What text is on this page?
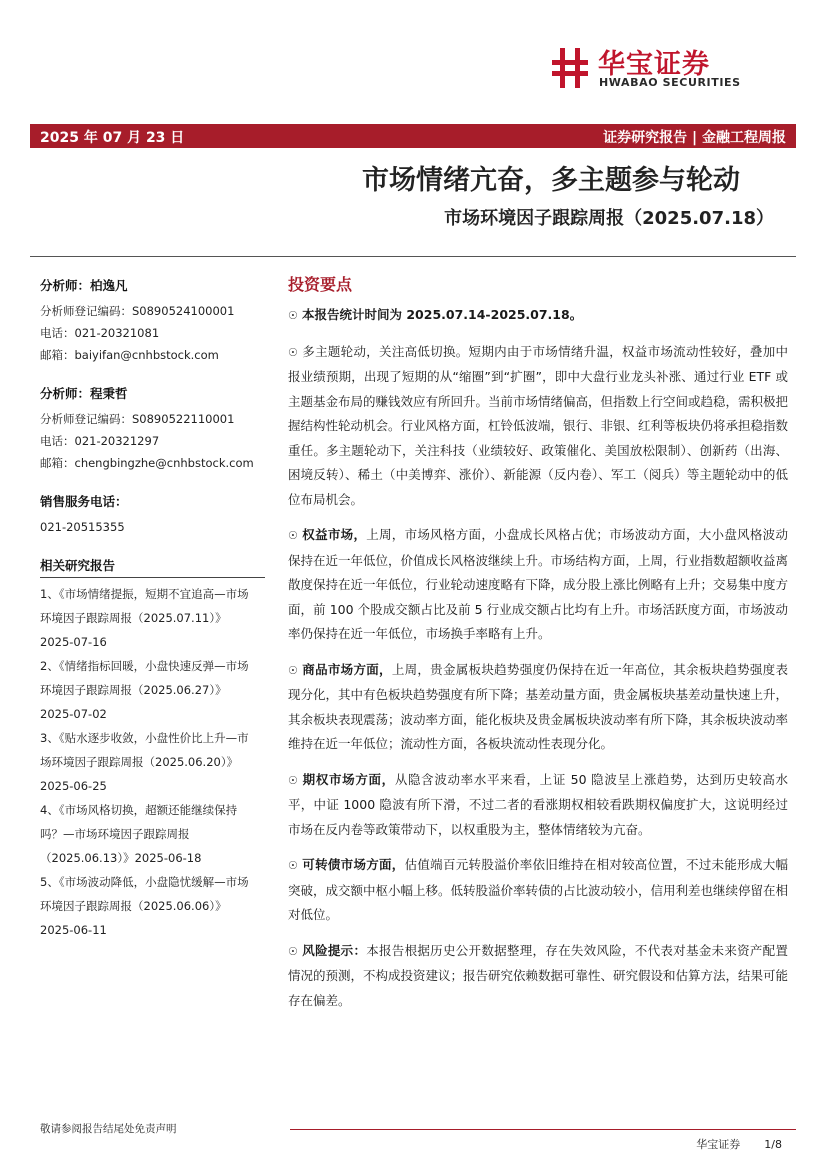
华宝证券
HWABAO SECURITIES
2025 年 07 月 23 日	证券研究报告 | 金融工程周报
市场情绪亢奋，多主题参与轮动
市场环境因子跟踪周报（2025.07.18）
分析师：柏逸凡
分析师登记编码：S0890524100001
电话：021-20321081
邮箱：baiyifan@cnhbstock.com
分析师：程秉哲
分析师登记编码：S0890522110001
电话：021-20321297
邮箱：chengbingzhe@cnhbstock.com
销售服务电话：
021-20515355
相关研究报告
1、《市场情绪提振，短期不宜追高—市场
环境因子跟踪周报（2025.07.11）》
2025-07-16
2、《情绪指标回暖，小盘快速反弹—市场
环境因子跟踪周报（2025.06.27）》
2025-07-02
3、《贴水逐步收敛，小盘性价比上升—市
场环境因子跟踪周报（2025.06.20）》
2025-06-25
4、《市场风格切换，超额还能继续保持
吗？—市场环境因子跟踪周报
（2025.06.13）》2025-06-18
5、《市场波动降低，小盘隐忧缓解—市场
环境因子跟踪周报（2025.06.06）》
2025-06-11
投资要点
☉ 本报告统计时间为 2025.07.14-2025.07.18。
☉ 多主题轮动，关注高低切换。短期内由于市场情绪升温，权益市场流动性较好，叠加中报业绩预期，出现了短期的从“缩圈”到“扩圈”，即中大盘行业龙头补涨、通过行业 ETF 或主题基金布局的赚钱效应有所回升。当前市场情绪偏高，但指数上行空间或趋稳，需积极把握结构性轮动机会。行业风格方面，杠铃低波端，银行、非银、红利等板块仍将承担稳指数重任。多主题轮动下，关注科技（业绩较好、政策催化、美国放松限制）、创新药（出海、困境反转）、稀土（中美博弈、涨价）、新能源（反内卷）、军工（阅兵）等主题轮动中的低位布局机会。
☉ 权益市场，上周，市场风格方面，小盘成长风格占优；市场波动方面，大小盘风格波动保持在近一年低位，价值成长风格波继续上升。市场结构方面，上周，行业指数超额收益离散度保持在近一年低位，行业轮动速度略有下降，成分股上涨比例略有上升；交易集中度方面，前 100 个股成交额占比及前 5 行业成交额占比均有上升。市场活跃度方面，市场波动率仍保持在近一年低位，市场换手率略有上升。
☉ 商品市场方面，上周，贵金属板块趋势强度仍保持在近一年高位，其余板块趋势强度表现分化，其中有色板块趋势强度有所下降；基差动量方面，贵金属板块基差动量快速上升，其余板块表现震荡；波动率方面，能化板块及贵金属板块波动率有所下降，其余板块波动率维持在近一年低位；流动性方面，各板块流动性表现分化。
☉ 期权市场方面，从隐含波动率水平来看，上证 50 隐波呈上涨趋势，达到历史较高水平，中证 1000 隐波有所下滑，不过二者的看涨期权相较看跌期权偏度扩大，这说明经过市场在反内卷等政策带动下，以权重股为主，整体情绪较为亢奋。
☉ 可转债市场方面，估值端百元转股溢价率依旧维持在相对较高位置，不过未能形成大幅突破，成交额中枢小幅上移。低转股溢价率转债的占比波动较小，信用利差也继续停留在相对低位。
☉ 风险提示：本报告根据历史公开数据整理，存在失效风险，不代表对基金未来资产配置情况的预测，不构成投资建议；报告研究依赖数据可靠性、研究假设和估算方法，结果可能存在偏差。
敬请参阅报告结尾处免责声明
华宝证券 1/8
